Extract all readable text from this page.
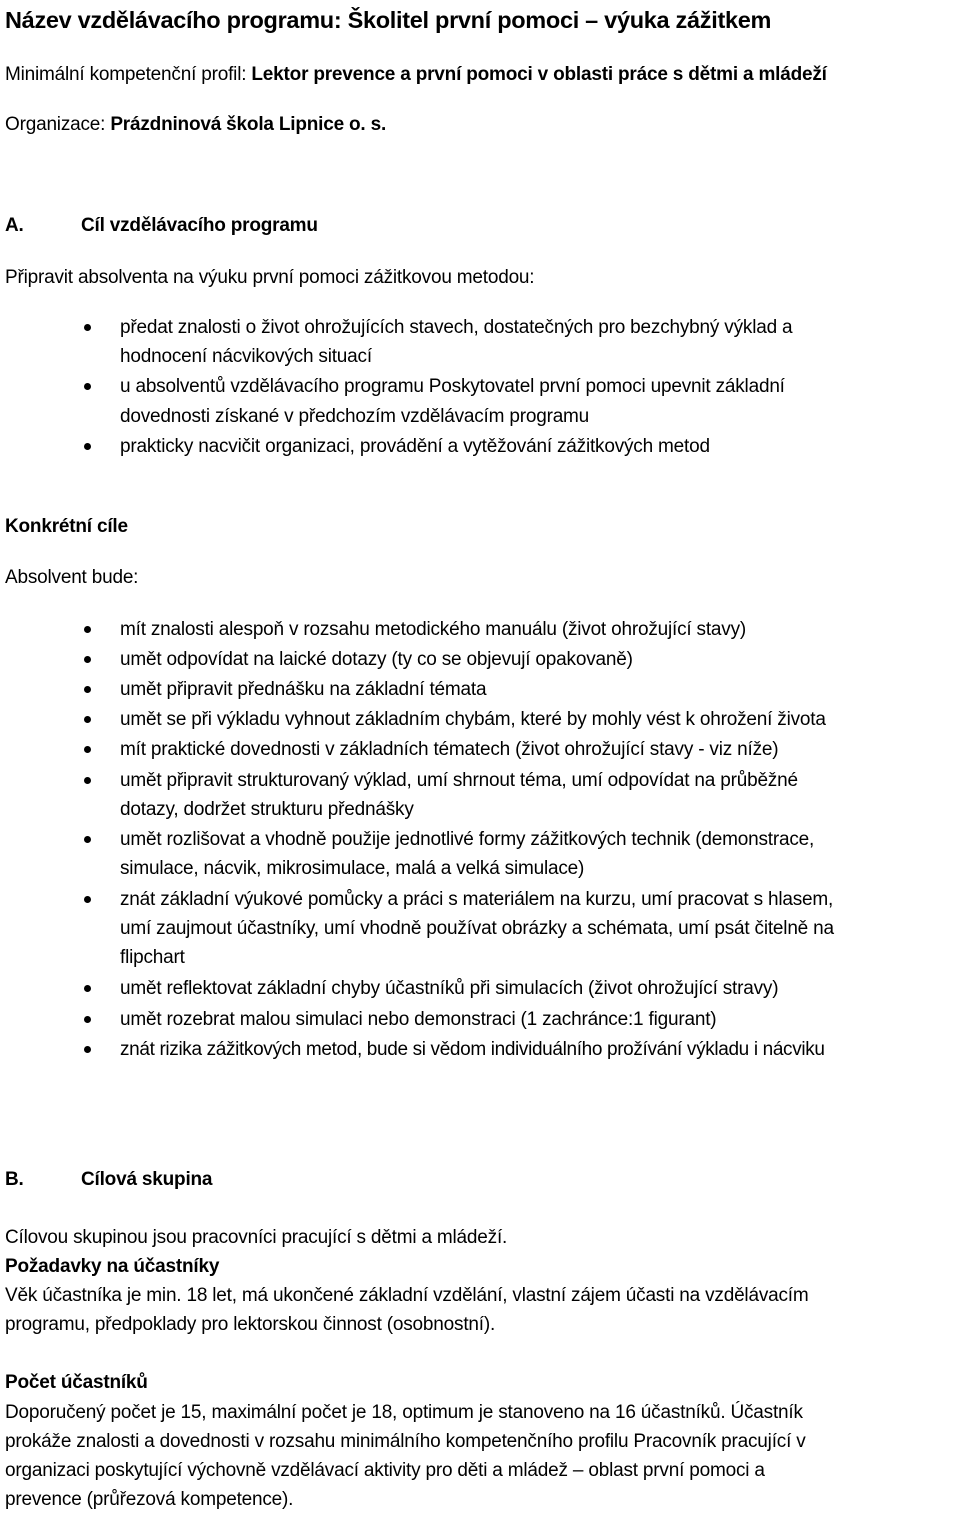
Název vzdělávacího programu: Školitel první pomoci – výuka zážitkem
Minimální kompetenční profil: Lektor prevence a první pomoci v oblasti práce s dětmi a mládeží
Organizace: Prázdninová škola Lipnice o. s.
A.	Cíl vzdělávacího programu
Připravit absolventa na výuku první pomoci zážitkovou metodou:
předat znalosti o život ohrožujících stavech, dostatečných pro bezchybný výklad a
hodnocení nácvikových situací
u absolventů vzdělávacího programu Poskytovatel první pomoci upevnit základní
dovednosti získané v předchozím vzdělávacím programu
prakticky nacvičit organizaci, provádění a vytěžování zážitkových metod
Konkrétní cíle
Absolvent bude:
mít znalosti alespoň v rozsahu metodického manuálu (život ohrožující stavy)
umět odpovídat na laické dotazy (ty co se objevují opakovaně)
umět připravit přednášku na základní témata
umět se při výkladu vyhnout základním chybám, které by mohly vést k ohrožení života
mít praktické dovednosti v základních tématech (život ohrožující stavy - viz níže)
umět připravit strukturovaný výklad, umí shrnout téma, umí odpovídat na průběžné
dotazy, dodržet strukturu přednášky
umět rozlišovat a vhodně použije jednotlivé formy zážitkových technik (demonstrace,
simulace, nácvik, mikrosimulace, malá a velká simulace)
znát základní výukové pomůcky a práci s materiálem na kurzu, umí pracovat s hlasem,
umí zaujmout účastníky, umí vhodně používat obrázky a schémata, umí psát čitelně na
flipchart
umět reflektovat základní chyby účastníků při simulacích (život ohrožující stravy)
umět rozebrat malou simulaci nebo demonstraci (1 zachránce:1 figurant)
znát rizika zážitkových metod, bude si vědom individuálního prožívání výkladu i nácviku
B.	Cílová skupina
Cílovou skupinou jsou pracovníci pracující s dětmi a mládeží.
Požadavky na účastníky
Věk účastníka je min. 18 let, má ukončené základní vzdělání, vlastní zájem účasti na vzdělávacím
programu, předpoklady pro lektorskou činnost (osobnostní).
Počet účastníků
Doporučený počet je 15, maximální počet je 18, optimum je stanoveno na 16 účastníků. Účastník
prokáže znalosti a dovednosti v rozsahu minimálního kompetenčního profilu Pracovník pracující v
organizaci poskytující výchovně vzdělávací aktivity pro děti a mládež – oblast první pomoci a
prevence (průřezová kompetence).
